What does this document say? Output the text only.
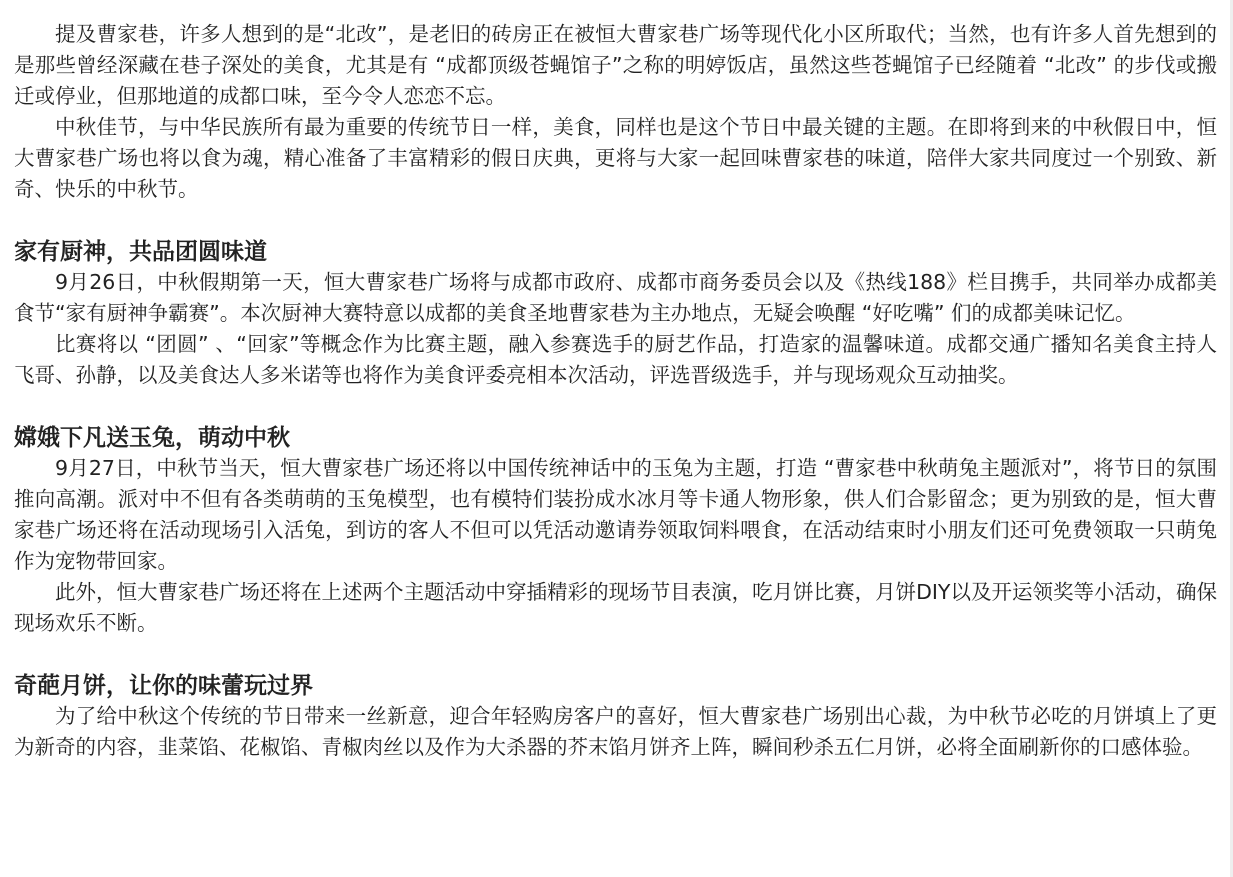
提及曹家巷，许多人想到的是“北改”，是老旧的砖房正在被恒大曹家巷广场等现代化小区所取代；当然，也有许多人首先想到的是那些曾经深藏在巷子深处的美食，尤其是有 “成都顶级苍蝇馆子”之称的明婷饭店，虽然这些苍蝇馆子已经随着 “北改” 的步伐或搬迁或停业，但那地道的成都口味，至今令人恋恋不忘。

中秋佳节，与中华民族所有最为重要的传统节日一样，美食，同样也是这个节日中最关键的主题。在即将到来的中秋假日中，恒大曹家巷广场也将以食为魂，精心准备了丰富精彩的假日庆典，更将与大家一起回味曹家巷的味道，陪伴大家共同度过一个别致、新奇、快乐的中秋节。

家有厨神，共品团圆味道

9月26日，中秋假期第一天，恒大曹家巷广场将与成都市政府、成都市商务委员会以及《热线188》栏目携手，共同举办成都美食节“家有厨神争霸赛”。本次厨神大赛特意以成都的美食圣地曹家巷为主办地点，无疑会唤醒 “好吃嘴” 们的成都美味记忆。

比赛将以 “团圆” 、“回家”等概念作为比赛主题，融入参赛选手的厨艺作品，打造家的温馨味道。成都交通广播知名美食主持人飞哥、孙静，以及美食达人多米诺等也将作为美食评委亮相本次活动，评选晋级选手，并与现场观众互动抽奖。

嫦娥下凡送玉兔，萌动中秋

9月27日，中秋节当天，恒大曹家巷广场还将以中国传统神话中的玉兔为主题，打造 “曹家巷中秋萌兔主题派对”，将节日的氛围推向高潮。派对中不但有各类萌萌的玉兔模型，也有模特们装扮成水冰月等卡通人物形象，供人们合影留念；更为别致的是，恒大曹家巷广场还将在活动现场引入活兔，到访的客人不但可以凭活动邀请券领取饲料喂食，在活动结束时小朋友们还可免费领取一只萌兔作为宠物带回家。

此外，恒大曹家巷广场还将在上述两个主题活动中穿插精彩的现场节目表演，吃月饼比赛，月饼DIY以及开运领奖等小活动，确保现场欢乐不断。

奇葩月饼，让你的味蕾玩过界

为了给中秋这个传统的节日带来一丝新意，迎合年轻购房客户的喜好，恒大曹家巷广场别出心裁，为中秋节必吃的月饼填上了更为新奇的内容，韭菜馅、花椒馅、青椒肉丝以及作为大杀器的芥末馅月饼齐上阵，瞬间秒杀五仁月饼，必将全面刷新你的口感体验。
